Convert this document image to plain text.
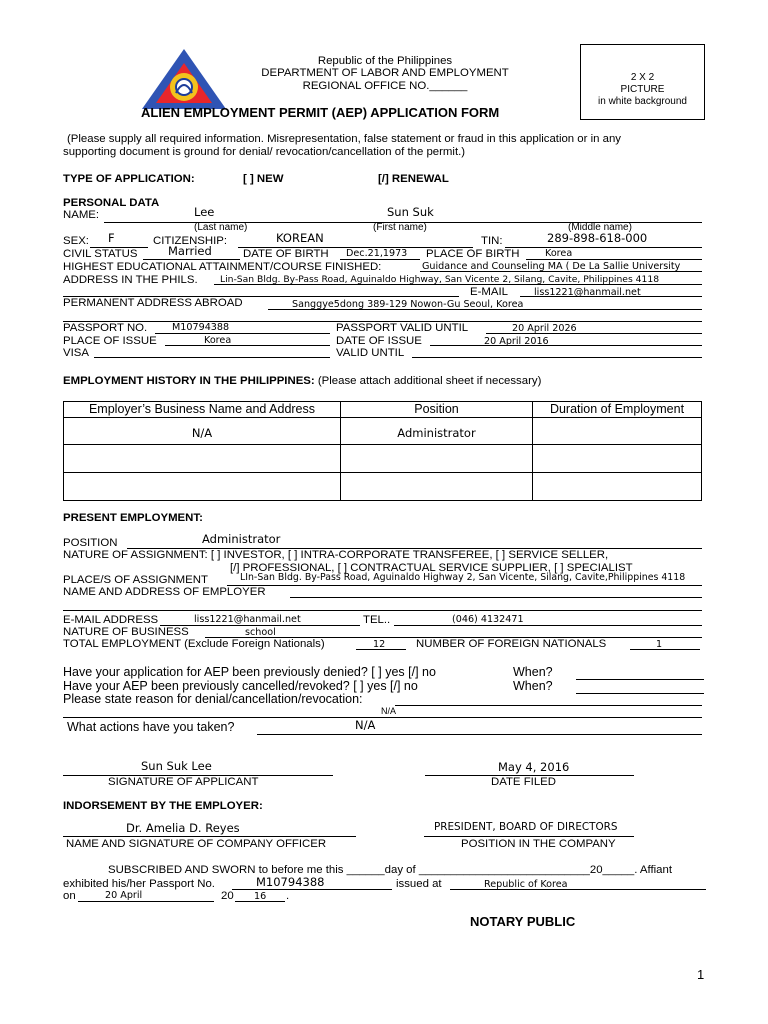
Republic of the Philippines
DEPARTMENT OF LABOR AND EMPLOYMENT
REGIONAL OFFICE NO.______
ALIEN EMPLOYMENT PERMIT (AEP) APPLICATION FORM
2 X 2
PICTURE
in white background
(Please supply all required information. Misrepresentation, false statement or fraud in this application or in any
supporting document is ground for denial/ revocation/cancellation of the permit.)
TYPE OF APPLICATION:	[ ] NEW	[/] RENEWAL
PERSONAL DATA
NAME:	Lee	Sun Suk
(Last name)	(First name)	(Middle name)
SEX: F	CITIZENSHIP:	KOREAN	TIN:	289-898-618-000
CIVIL STATUS	Married	DATE OF BIRTH Dec.21,1973 PLACE OF BIRTH	Korea
HIGHEST EDUCATIONAL ATTAINMENT/COURSE FINISHED:	Guidance and Counseling MA ( De La Sallie University
ADDRESS IN THE PHILS. Lin-San Bldg. By-Pass Road, Aguinaldo Highway, San Vicente 2, Silang, Cavite, Philippines 4118
E-MAIL	liss1221@hanmail.net
PERMANENT ADDRESS ABROAD	Sanggye5dong 389-129 Nowon-Gu Seoul, Korea
PASSPORT NO.	M10794388	PASSPORT VALID UNTIL	20 April 2026
PLACE OF ISSUE	Korea	DATE OF ISSUE	20 April 2016
VISA	VALID UNTIL
EMPLOYMENT HISTORY IN THE PHILIPPINES: (Please attach additional sheet if necessary)
Employer’s Business Name and Address	Position	Duration of Employment
N/A	Administrator	

PRESENT EMPLOYMENT:
POSITION	Administrator
NATURE OF ASSIGNMENT: [ ] INVESTOR, [ ] INTRA-CORPORATE TRANSFEREE, [ ] SERVICE SELLER,
[/] PROFESSIONAL, [ ] CONTRACTUAL SERVICE SUPPLIER, [ ] SPECIALIST
PLACE/S OF ASSIGNMENT	LIn-San Bldg. By-Pass Road, Aguinaldo Highway 2, San Vicente, Silang, Cavite,Philippines 4118
NAME AND ADDRESS OF EMPLOYER
E-MAIL ADDRESS	liss1221@hanmail.net	TEL..	(046) 4132471
NATURE OF BUSINESS	school
TOTAL EMPLOYMENT (Exclude Foreign Nationals)	12	NUMBER OF FOREIGN NATIONALS	1
Have your application for AEP been previously denied? [ ] yes [/] no	When?
Have your AEP been previously cancelled/revoked? [ ] yes [/] no	When?
Please state reason for denial/cancellation/revocation:
N/A
What actions have you taken?	N/A
Sun Suk Lee
SIGNATURE OF APPLICANT
May 4, 2016
DATE FILED
INDORSEMENT BY THE EMPLOYER:
Dr. Amelia D. Reyes
NAME AND SIGNATURE OF COMPANY OFFICER
PRESIDENT, BOARD OF DIRECTORS
POSITION IN THE COMPANY
SUBSCRIBED AND SWORN to before me this ______day of ___________________________20_____. Affiant
exhibited his/her Passport No.	M10794388	issued at	Republic of Korea
on	20 April	20 16 .
NOTARY PUBLIC
1
